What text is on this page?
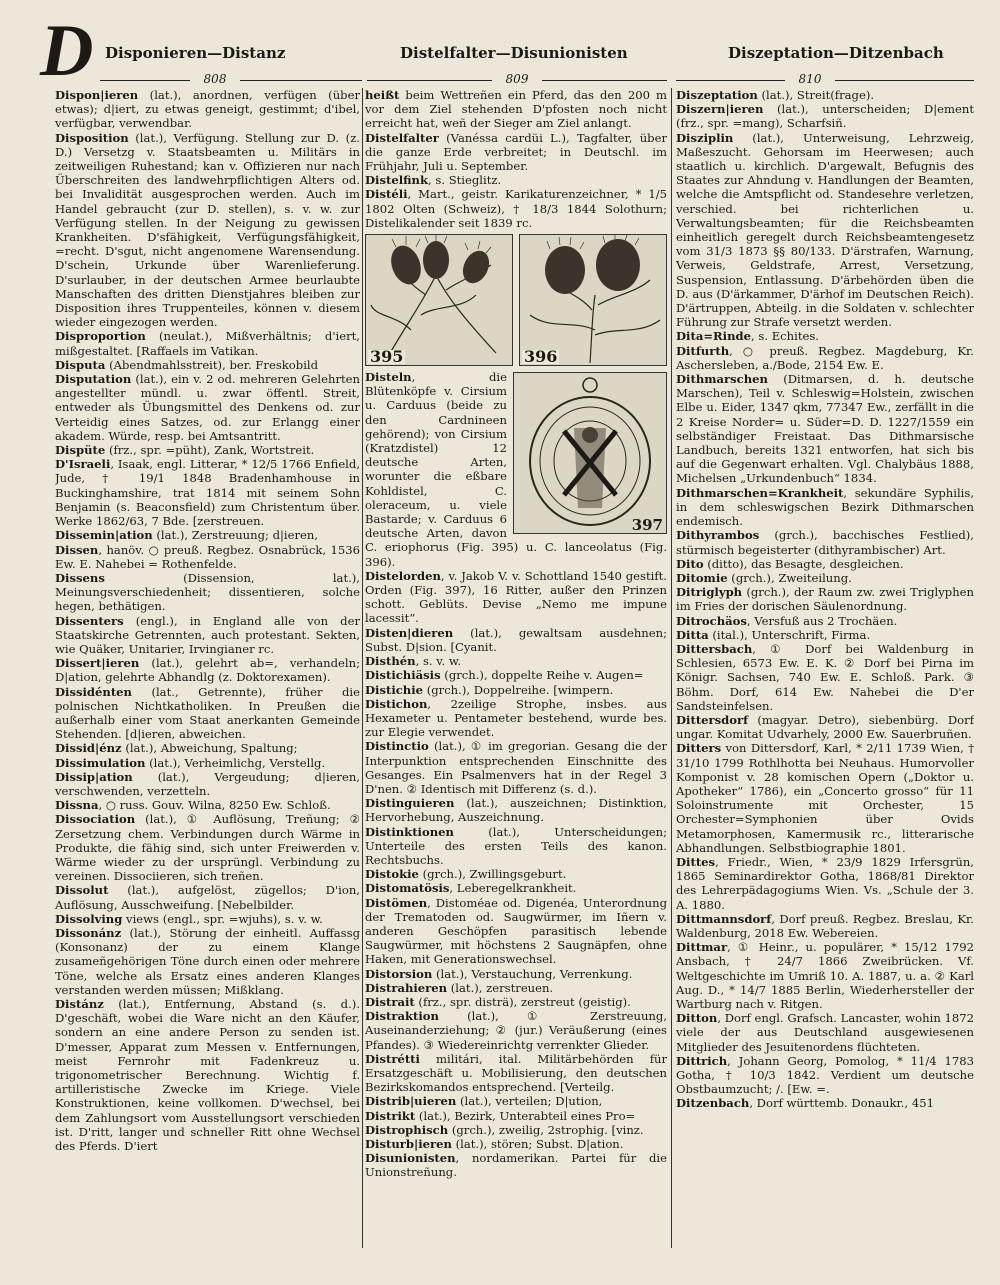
D Disponieren—Distanz	Distelfalter—Disunionisten	Diszeptation—Ditzenbach
808	809	810

Dispon|ieren (lat.), anordnen, verfügen (über etwas); d|iert, zu etwas geneigt, gestimmt; d'ibel, verfügbar, verwendbar.

Disposition (lat.), Verfügung. Stellung zur D. (z. D.) Versetzg v. Staatsbeamten u. Militärs in zeitweiligen Ruhestand; kan v. Offizieren nur nach Überschreiten des landwehrpflichtigen Alters od. bei Invalidität ausgesprochen werden. Auch im Handel gebraucht (zur D. stellen), s. v. w. zur Verfügung stellen. In der Neigung zu gewissen Krankheiten. D'sfähigkeit, Verfügungsfähigkeit, =recht. D'sgut, nicht angenomene Warensendung. D'schein, Urkunde über Warenlieferung. D'surlauber, in der deutschen Armee beurlaubte Manschaften des dritten Dienstjahres bleiben zur Disposition ihres Truppenteiles, können v. diesem wieder eingezogen werden.

Disproportion (neulat.), Mißverhältnis; d'iert, mißgestaltet. [Raffaels im Vatikan.

Disputa (Abendmahlsstreit), ber. Freskobild

Disputation (lat.), ein v. 2 od. mehreren Gelehrten angestellter mündl. u. zwar öffentl. Streit, entweder als Übungsmittel des Denkens od. zur Verteidig eines Satzes, od. zur Erlangg einer akadem. Würde, resp. bei Amtsantritt.

Dispüte (frz., spr. =püht), Zank, Wortstreit.

D'Israeli, Isaak, engl. Litterar, * 12/5 1766 Enfield, Jude, † 19/1 1848 Bradenhamhouse in Buckinghamshire, trat 1814 mit seinem Sohn Benjamin (s. Beaconsfield) zum Christentum über. Werke 1862/63, 7 Bde. [zerstreuen.

Dissemin|ation (lat.), Zerstreuung; d|ieren,

Dissen, hanöv. ○ preuß. Regbez. Osnabrück, 1536 Ew. E. Nahebei = Rothenfelde.

Dissens (Dissension, lat.), Meinungsverschiedenheit; dissentieren, solche hegen, bethätigen.

Dissenters (engl.), in England alle von der Staatskirche Getrennten, auch protestant. Sekten, wie Quäker, Unitarier, Irvingianer rc.

Dissert|ieren (lat.), gelehrt ab=, verhandeln; D|ation, gelehrte Abhandlg (z. Doktorexamen).

Dissidénten (lat., Getrennte), früher die polnischen Nichtkatholiken. In Preußen die außerhalb einer vom Staat anerkanten Gemeinde Stehenden. [d|ieren, abweichen.

Dissid|énz (lat.), Abweichung, Spaltung;

Dissimulation (lat.), Verheimlichg, Verstellg.

Dissip|ation (lat.), Vergeudung; d|ieren, verschwenden, verzetteln.

Dissna, ○ russ. Gouv. Wilna, 8250 Ew. Schloß.

Dissociation (lat.), ① Auflösung, Treñung; ② Zersetzung chem. Verbindungen durch Wärme in Produkte, die fähig sind, sich unter Freiwerden v. Wärme wieder zu der ursprüngl. Verbindung zu vereinen. Dissociieren, sich treñen.

Dissolut (lat.), aufgelöst, zügellos; D'ion, Auflösung, Ausschweifung. [Nebelbilder.

Dissolving views (engl., spr. =wjuhs), s. v. w.

Dissonánz (lat.), Störung der einheitl. Auffassg (Konsonanz) der zu einem Klange zusameñgehörigen Töne durch einen oder mehrere Töne, welche als Ersatz eines anderen Klanges verstanden werden müssen; Mißklang.

Distánz (lat.), Entfernung, Abstand (s. d.). D'geschäft, wobei die Ware nicht an den Käufer, sondern an eine andere Person zu senden ist. D'messer, Apparat zum Messen v. Entfernungen, meist Fernrohr mit Fadenkreuz u. trigonometrischer Berechnung. Wichtig f. artilleristische Zwecke im Kriege. Viele Konstruktionen, keine vollkomen. D'wechsel, bei dem Zahlungsort vom Ausstellungsort verschieden ist. D'ritt, langer und schneller Ritt ohne Wechsel des Pferds. D'iert

heißt beim Wettreñen ein Pferd, das den 200 m vor dem Ziel stehenden D'pfosten noch nicht erreicht hat, weñ der Sieger am Ziel anlangt.

Distelfalter (Vanéssa cardüi L.), Tagfalter, über die ganze Erde verbreitet; in Deutschl. im Frühjahr, Juli u. September.

Distelfink, s. Stieglitz.

Distéli, Mart., geistr. Karikaturenzeichner, * 1/5 1802 Olten (Schweiz), † 18/3 1844 Solothurn; Distelikalender seit 1839 rc.

395	396
397

Disteln, die Blütenköpfe v. Cirsium u. Carduus (beide zu den Cardnineen gehörend); von Cirsium (Kratzdistel) 12 deutsche Arten, worunter die eßbare Kohldistel, C. oleraceum, u. viele Bastarde; v. Carduus 6 deutsche Arten, davon C. eriophorus (Fig. 395) u. C. lanceolatus (Fig. 396).

Distelorden, v. Jakob V. v. Schottland 1540 gestift. Orden (Fig. 397), 16 Ritter, außer den Prinzen schott. Geblüts. Devise „Nemo me impune lacessit“.

Disten|dieren (lat.), gewaltsam ausdehnen; Subst. D|sion. [Cyanit.

Disthén, s. v. w.

Distichiäsis (grch.), doppelte Reihe v. Augen=

Distichie (grch.), Doppelreihe. [wimpern.

Distichon, 2zeilige Strophe, insbes. aus Hexameter u. Pentameter bestehend, wurde bes. zur Elegie verwendet.

Distinctio (lat.), ① im gregorian. Gesang die der Interpunktion entsprechenden Einschnitte des Gesanges. Ein Psalmenvers hat in der Regel 3 D'nen. ② Identisch mit Differenz (s. d.).

Distinguieren (lat.), auszeichnen; Distinktion, Hervorhebung, Auszeichnung.

Distinktionen (lat.), Unterscheidungen; Unterteile des ersten Teils des kanon. Rechtsbuchs.

Distokie (grch.), Zwillingsgeburt.

Distomatösis, Leberegelkrankheit.

Distömen, Distoméae od. Digenéa, Unterordnung der Trematoden od. Saugwürmer, im Iñern v. anderen Geschöpfen parasitisch lebende Saugwürmer, mit höchstens 2 Saugnäpfen, ohne Haken, mit Generationswechsel.

Distorsion (lat.), Verstauchung, Verrenkung.

Distrahieren (lat.), zerstreuen.

Distrait (frz., spr. disträ), zerstreut (geistig).

Distraktion (lat.), ① Zerstreuung, Auseinanderziehung; ② (jur.) Veräußerung (eines Pfandes). ③ Wiedereinrichtg verrenkter Glieder.

Distrétti militári, ital. Militärbehörden für Ersatzgeschäft u. Mobilisierung, den deutschen Bezirkskomandos entsprechend. [Verteilg.

Distrib|uieren (lat.), verteilen; D|ution,

Distrikt (lat.), Bezirk, Unterabteil eines Pro=

Distrophisch (grch.), zweilig, 2strophig. [vinz.

Disturb|ieren (lat.), stören; Subst. D|ation.

Disunionisten, nordamerikan. Partei für die Unionstreñung.

Diszeptation (lat.), Streit(frage).

Diszern|ieren (lat.), unterscheiden; D|ement (frz., spr. =mang), Scharfsiñ.

Disziplin (lat.), Unterweisung, Lehrzweig, Maßeszucht. Gehorsam im Heerwesen; auch staatlich u. kirchlich. D'argewalt, Befugnis des Staates zur Ahndung v. Handlungen der Beamten, welche die Amtspflicht od. Standesehre verletzen, verschied. bei richterlichen u. Verwaltungsbeamten; für die Reichsbeamten einheitlich geregelt durch Reichsbeamtengesetz vom 31/3 1873 §§ 80/133. D'ärstrafen, Warnung, Verweis, Geldstrafe, Arrest, Versetzung, Suspension, Entlassung. D'ärbehörden üben die D. aus (D'ärkammer, D'ärhof im Deutschen Reich). D'ärtruppen, Abteilg. in die Soldaten v. schlechter Führung zur Strafe versetzt werden.

Dita=Rinde, s. Echites.

Ditfurth, ○ preuß. Regbez. Magdeburg, Kr. Aschersleben, a./Bode, 2154 Ew. E.

Dithmarschen (Ditmarsen, d. h. deutsche Marschen), Teil v. Schleswig=Holstein, zwischen Elbe u. Eider, 1347 qkm, 77347 Ew., zerfällt in die 2 Kreise Norder= u. Süder=D. D. 1227/1559 ein selbständiger Freistaat. Das Dithmarsische Landbuch, bereits 1321 entworfen, hat sich bis auf die Gegenwart erhalten. Vgl. Chalybäus 1888, Michelsen „Urkundenbuch“ 1834.

Dithmarschen=Krankheit, sekundäre Syphilis, in dem schleswigschen Bezirk Dithmarschen endemisch.

Dithyrambos (grch.), bacchisches Festlied), stürmisch begeisterter (dithyrambischer) Art.

Dito (ditto), das Besagte, desgleichen.

Ditomie (grch.), Zweiteilung.

Ditriglyph (grch.), der Raum zw. zwei Triglyphen im Fries der dorischen Säulenordnung.

Ditrochäos, Versfuß aus 2 Trochäen.

Ditta (ital.), Unterschrift, Firma.

Dittersbach, ① Dorf bei Waldenburg in Schlesien, 6573 Ew. E. K. ② Dorf bei Pirna im Königr. Sachsen, 740 Ew. E. Schloß. Park. ③ Böhm. Dorf, 614 Ew. Nahebei die D'er Sandsteinfelsen.

Dittersdorf (magyar. Detro), siebenbürg. Dorf ungar. Komitat Udvarhely, 2000 Ew. Sauerbruñen.

Ditters von Dittersdorf, Karl, * 2/11 1739 Wien, † 31/10 1799 Rothlhotta bei Neuhaus. Humorvoller Komponist v. 28 komischen Opern („Doktor u. Apotheker“ 1786), ein „Concerto grosso“ für 11 Soloinstrumente mit Orchester, 15 Orchester=Symphonien über Ovids Metamorphosen, Kamermusik rc., litterarische Abhandlungen. Selbstbiographie 1801.

Dittes, Friedr., Wien, * 23/9 1829 Irfersgrün, 1865 Seminardirektor Gotha, 1868/81 Direktor des Lehrerpädagogiums Wien. Vs. „Schule der 3. A. 1880.

Dittmannsdorf, Dorf preuß. Regbez. Breslau, Kr. Waldenburg, 2018 Ew. Webereien.

Dittmar, ① Heinr., u. populärer, * 15/12 1792 Ansbach, † 24/7 1866 Zweibrücken. Vf. Weltgeschichte im Umriß 10. A. 1887, u. a. ② Karl Aug. D., * 14/7 1885 Berlin, Wiederhersteller der Wartburg nach v. Ritgen.

Ditton, Dorf engl. Grafsch. Lancaster, wohin 1872 viele der aus Deutschland ausgewiesenen Mitglieder des Jesuitenordens flüchteten.

Dittrich, Johann Georg, Pomolog, * 11/4 1783 Gotha, † 10/3 1842. Verdient um deutsche Obstbaumzucht; /. [Ew. =.

Ditzenbach, Dorf württemb. Donaukr., 451
